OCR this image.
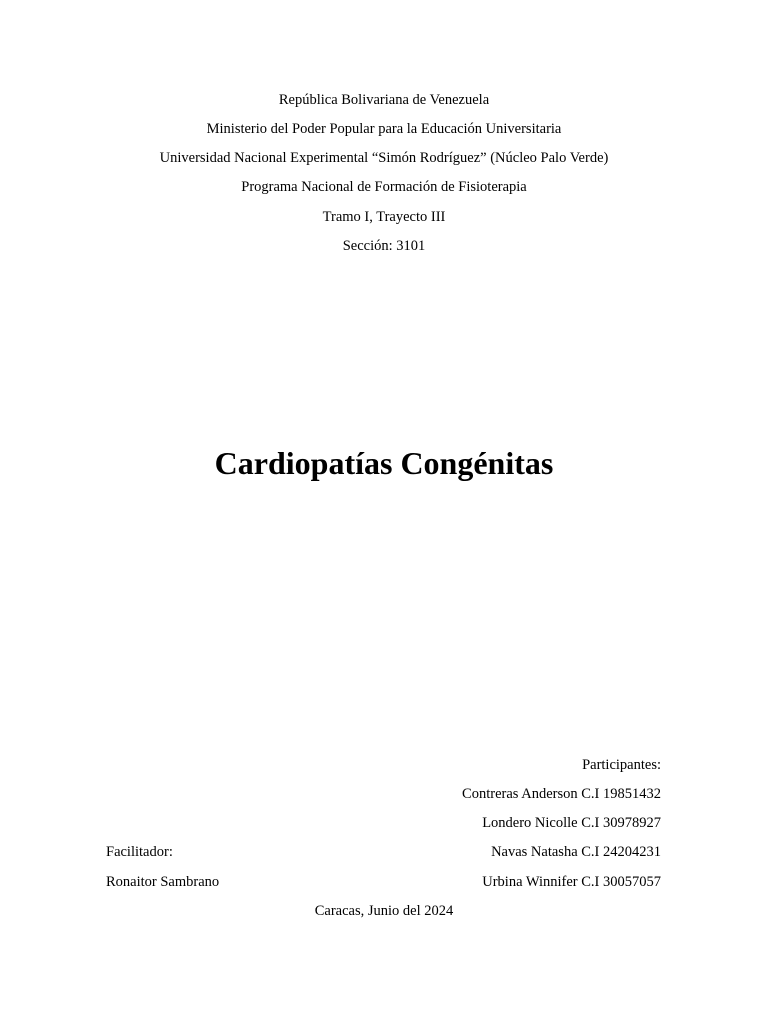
República Bolivariana de Venezuela
Ministerio del Poder Popular para la Educación Universitaria
Universidad Nacional Experimental “Simón Rodríguez” (Núcleo Palo Verde)
Programa Nacional de Formación de Fisioterapia
Tramo I, Trayecto III
Sección: 3101
Cardiopatías Congénitas
Participantes:
Contreras Anderson C.I 19851432
Londero Nicolle C.I 30978927
Navas Natasha C.I 24204231
Urbina Winnifer C.I 30057057
Facilitador:
Ronaitor Sambrano
Caracas, Junio del 2024
